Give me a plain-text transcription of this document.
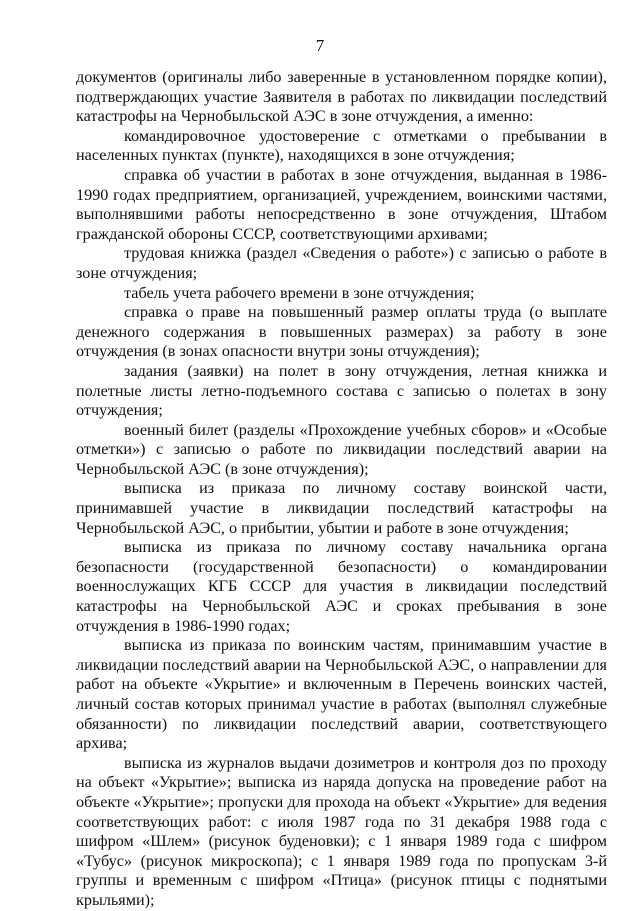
7

документов (оригиналы либо заверенные в установленном порядке копии), подтверждающих участие Заявителя в работах по ликвидации последствий катастрофы на Чернобыльской АЭС в зоне отчуждения, а именно:

командировочное удостоверение с отметками о пребывании в населенных пунктах (пункте), находящихся в зоне отчуждения;

справка об участии в работах в зоне отчуждения, выданная в 1986-1990 годах предприятием, организацией, учреждением, воинскими частями, выполнявшими работы непосредственно в зоне отчуждения, Штабом гражданской обороны СССР, соответствующими архивами;

трудовая книжка (раздел «Сведения о работе») с записью о работе в зоне отчуждения;

табель учета рабочего времени в зоне отчуждения;

справка о праве на повышенный размер оплаты труда (о выплате денежного содержания в повышенных размерах) за работу в зоне отчуждения (в зонах опасности внутри зоны отчуждения);

задания (заявки) на полет в зону отчуждения, летная книжка и полетные листы летно-подъемного состава с записью о полетах в зону отчуждения;

военный билет (разделы «Прохождение учебных сборов» и «Особые отметки») с записью о работе по ликвидации последствий аварии на Чернобыльской АЭС (в зоне отчуждения);

выписка из приказа по личному составу воинской части, принимавшей участие в ликвидации последствий катастрофы на Чернобыльской АЭС, о прибытии, убытии и работе в зоне отчуждения;

выписка из приказа по личному составу начальника органа безопасности (государственной безопасности) о командировании военнослужащих КГБ СССР для участия в ликвидации последствий катастрофы на Чернобыльской АЭС и сроках пребывания в зоне отчуждения в 1986-1990 годах;

выписка из приказа по воинским частям, принимавшим участие в ликвидации последствий аварии на Чернобыльской АЭС, о направлении для работ на объекте «Укрытие» и включенным в Перечень воинских частей, личный состав которых принимал участие в работах (выполнял служебные обязанности) по ликвидации последствий аварии, соответствующего архива;

выписка из журналов выдачи дозиметров и контроля доз по проходу на объект «Укрытие»; выписка из наряда допуска на проведение работ на объекте «Укрытие»; пропуски для прохода на объект «Укрытие» для ведения соответствующих работ: с июля 1987 года по 31 декабря 1988 года с шифром «Шлем» (рисунок буденовки); с 1 января 1989 года с шифром «Тубус» (рисунок микроскопа); с 1 января 1989 года по пропускам 3-й группы и временным с шифром «Птица» (рисунок птицы с поднятыми крыльями);
